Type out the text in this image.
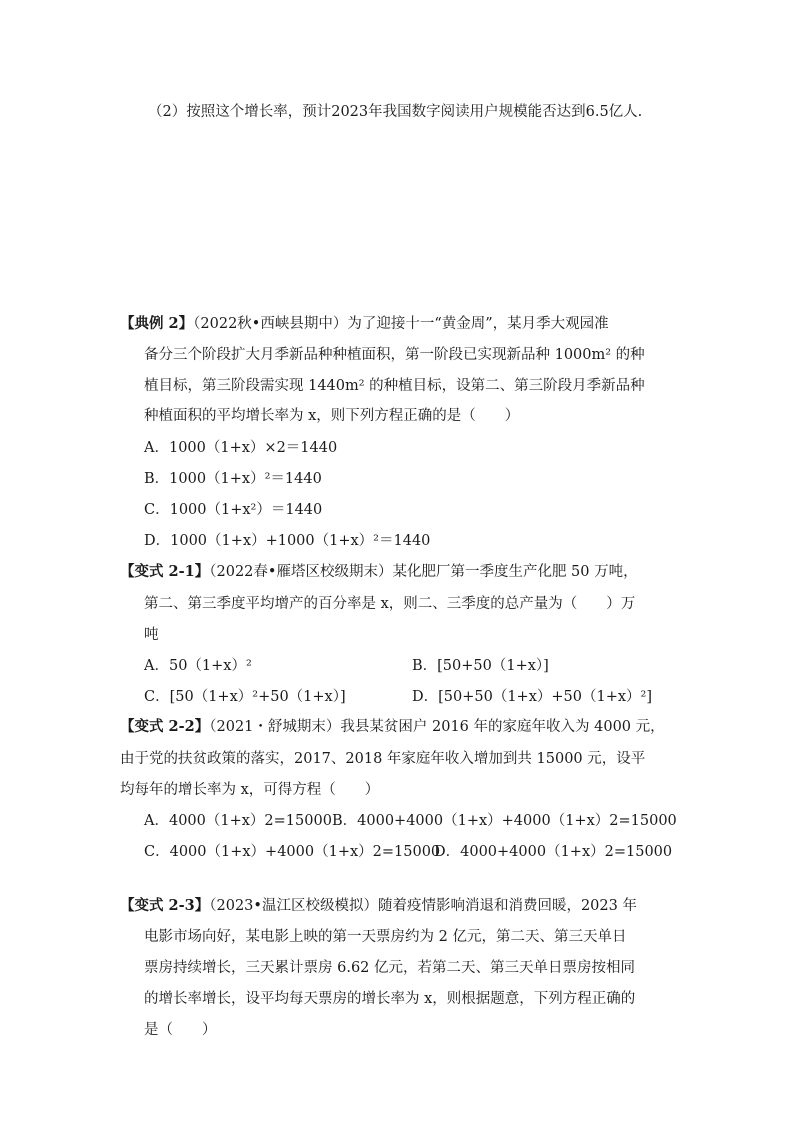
（2）按照这个增长率，预计2023年我国数字阅读用户规模能否达到6.5亿人.
【典例 2】（2022秋•西峡县期中）为了迎接十一“黄金周”，某月季大观园准
备分三个阶段扩大月季新品种种植面积，第一阶段已实现新品种 1000m² 的种
植目标，第三阶段需实现 1440m² 的种植目标，设第二、第三阶段月季新品种
种植面积的平均增长率为 x，则下列方程正确的是（　　）
A．1000（1+x）×2＝1440
B．1000（1+x）²＝1440
C．1000（1+x²）＝1440
D．1000（1+x）+1000（1+x）²＝1440
【变式 2-1】（2022春•雁塔区校级期末）某化肥厂第一季度生产化肥 50 万吨，
第二、第三季度平均增产的百分率是 x，则二、三季度的总产量为（　　）万
吨
A．50（1+x）²	B．[50+50（1+x）]
C．[50（1+x）²+50（1+x）]	D．[50+50（1+x）+50（1+x）²]
【变式 2-2】（2021・舒城期末）我县某贫困户 2016 年的家庭年收入为 4000 元，
由于党的扶贫政策的落实，2017、2018 年家庭年收入增加到共 15000 元，设平
均每年的增长率为 x，可得方程（　　）
A．4000（1+x）2=15000 B．4000+4000（1+x）+4000（1+x）2=15000
C．4000（1+x）+4000（1+x）2=15000
D．4000+4000（1+x）2=15000
【变式 2-3】（2023•温江区校级模拟）随着疫情影响消退和消费回暖，2023 年
电影市场向好，某电影上映的第一天票房约为 2 亿元，第二天、第三天单日
票房持续增长，三天累计票房 6.62 亿元，若第二天、第三天单日票房按相同
的增长率增长，设平均每天票房的增长率为 x，则根据题意，下列方程正确的
是（　　）
